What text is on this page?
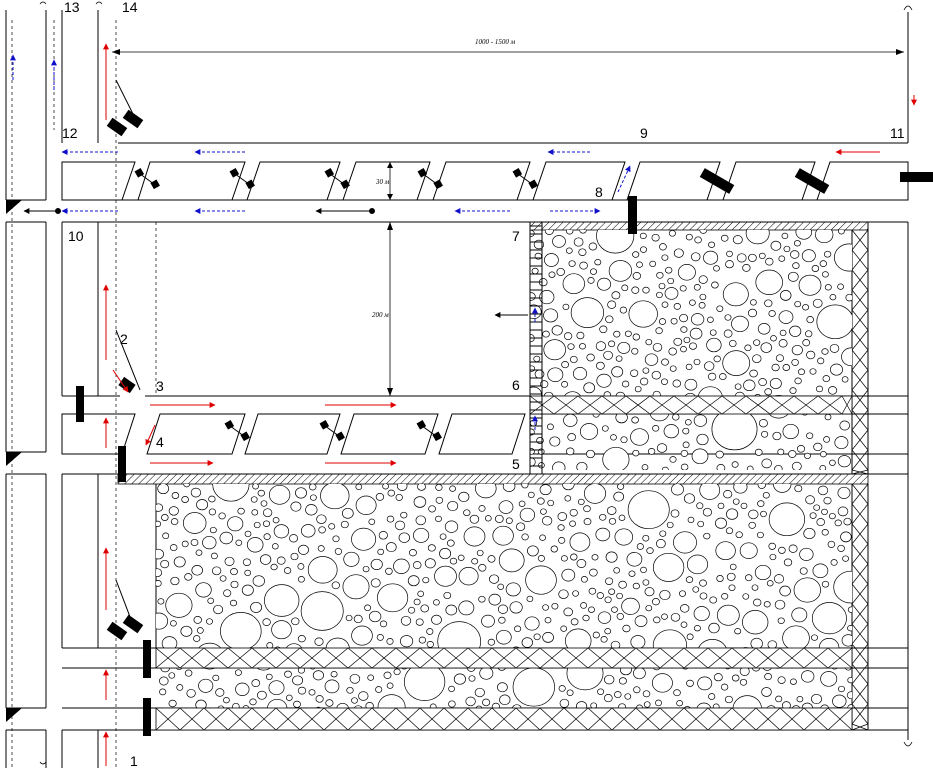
1000 - 1500 м
200 м
30 м
1
2
3
4
5
6
7
8
9
10
11
12
13	14
